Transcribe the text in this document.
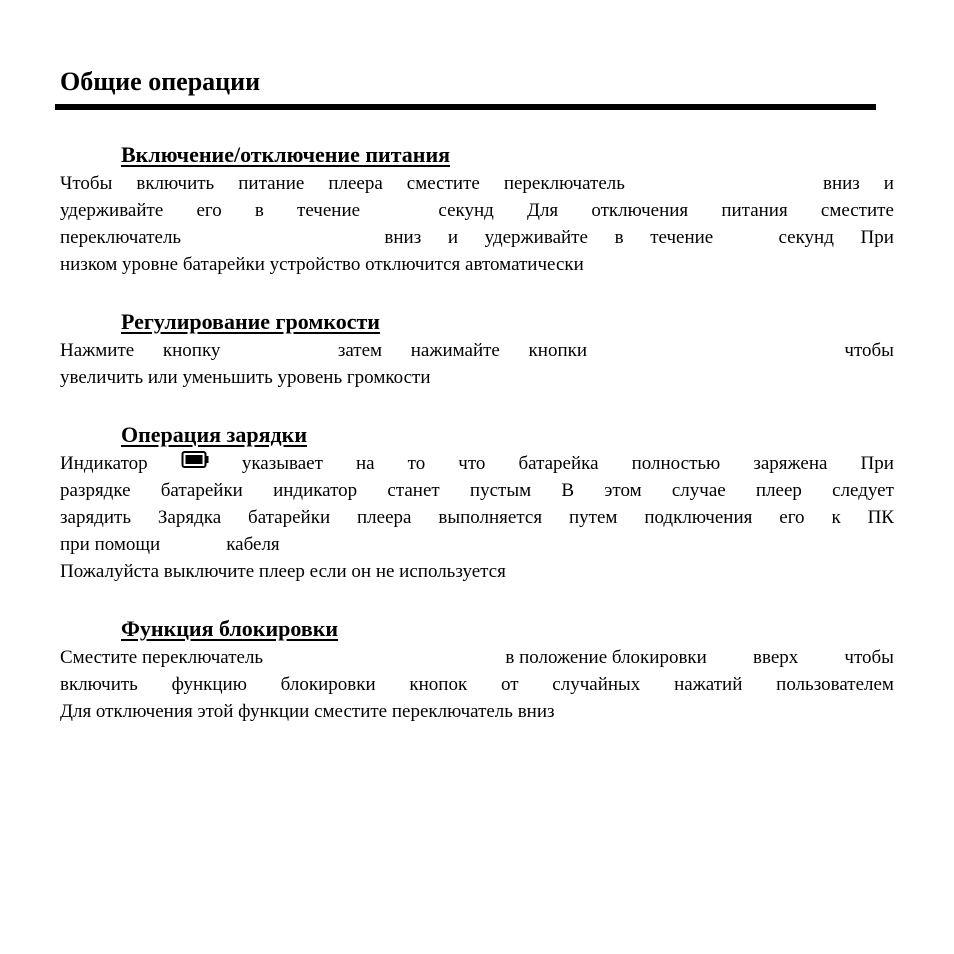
Общие операции
Включение/отключение питания
Чтобы включить питание плеера сместите переключатель	вниз и
удерживайте его в течение	секунд Для отключения питания сместите
переключатель	вниз и удерживайте в течение	секунд При
низком уровне батарейки устройство отключится автоматически
Регулирование громкости
Нажмите кнопку	затем нажимайте кнопки	чтобы
увеличить или уменьшить уровень громкости
Операция зарядки
Индикатор	указывает на то что батарейка полностью заряжена При
разрядке батарейки индикатор станет пустым В этом случае плеер следует
зарядить Зарядка батарейки плеера выполняется путем подключения его к ПК
при помощи	кабеля
Пожалуйста выключите плеер если он не используется
Функция блокировки
Сместите переключатель	в положение блокировки вверх чтобы
включить функцию блокировки кнопок от случайных нажатий пользователем
Для отключения этой функции сместите переключатель вниз
